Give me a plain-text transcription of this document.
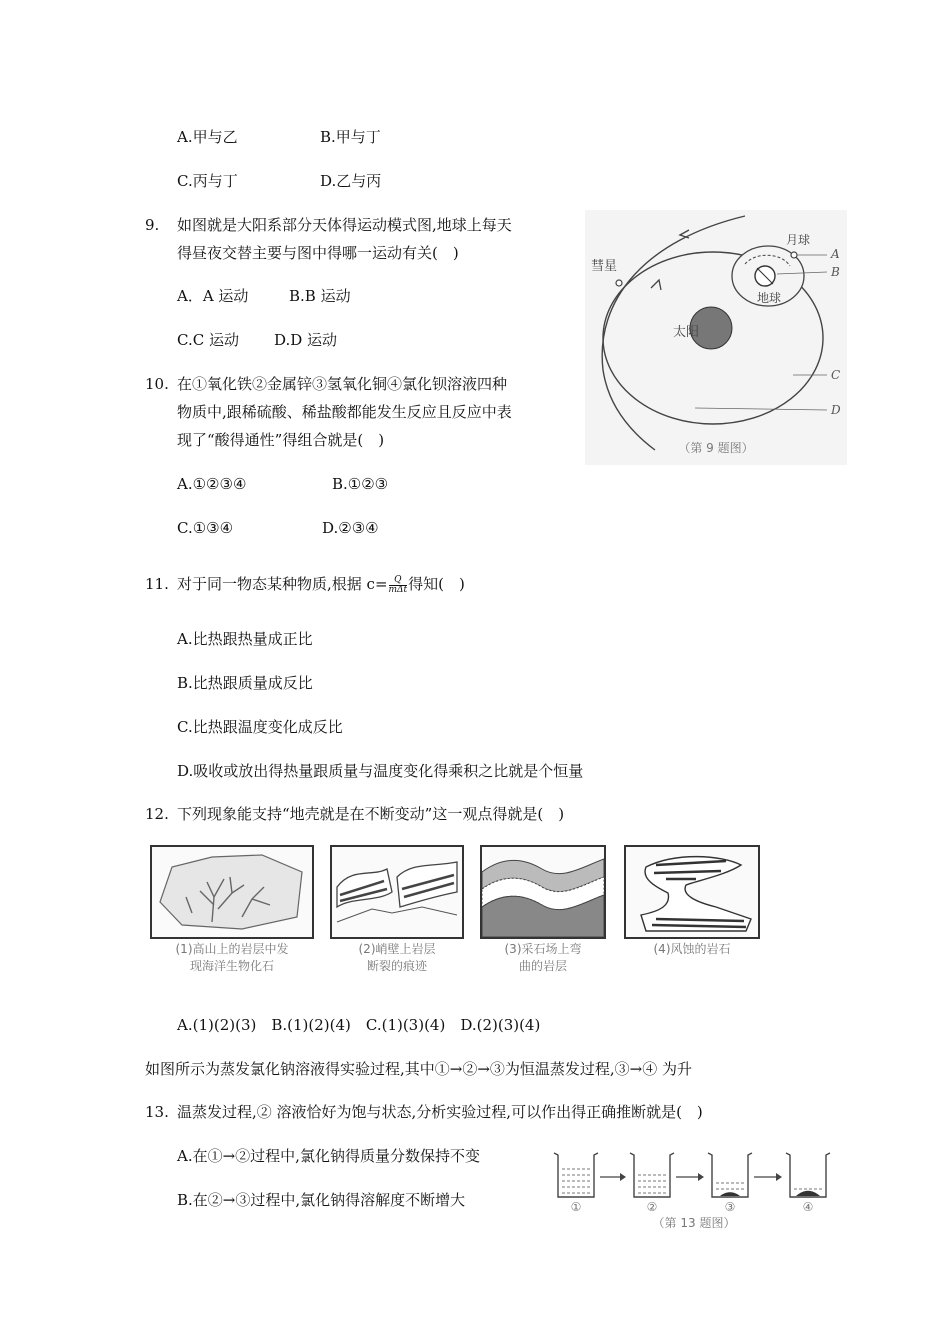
A.甲与乙	B.甲与丁
C.丙与丁	D.乙与丙
9. 如图就是大阳系部分天体得运动模式图,地球上每天
得昼夜交替主要与图中得哪一运动有关(　)
A．A 运动	B.B 运动
C.C 运动 D.D 运动
彗星
月球
地球
太阳
A
B
C
D
（第 9 题图）
10. 在①氧化铁②金属锌③氢氧化铜④氯化钡溶液四种
物质中,跟稀硫酸、稀盐酸都能发生反应且反应中表
现了“酸得通性”得组合就是(　)
A.①②③④	B.①②③
C.①③④	D.②③④
11. 对于同一物态某种物质,根据 $c= \frac{Q}{\text{mΔt}}$ 得知(　)
A.比热跟热量成正比
B.比热跟质量成反比
C.比热跟温度变化成反比
D.吸收或放出得热量跟质量与温度变化得乘积之比就是个恒量
12. 下列现象能支持“地壳就是在不断变动”这一观点得就是(　)
(1)高山上的岩层中发
现海洋生物化石
(2)峭壁上岩层
断裂的痕迹
(3)采石场上弯
曲的岩层
(4)风蚀的岩石
A.(1)(2)(3)　B.(1)(2)(4)　C.(1)(3)(4)　D.(2)(3)(4)
如图所示为蒸发氯化钠溶液得实验过程,其中①→②→③为恒温蒸发过程,③→④ 为升
13. 温蒸发过程,② 溶液恰好为饱与状态,分析实验过程,可以作出得正确推断就是(　)
A.在①→②过程中,氯化钠得质量分数保持不变
B.在②→③过程中,氯化钠得溶解度不断增大	①	②	③	④
（第 13 题图）
